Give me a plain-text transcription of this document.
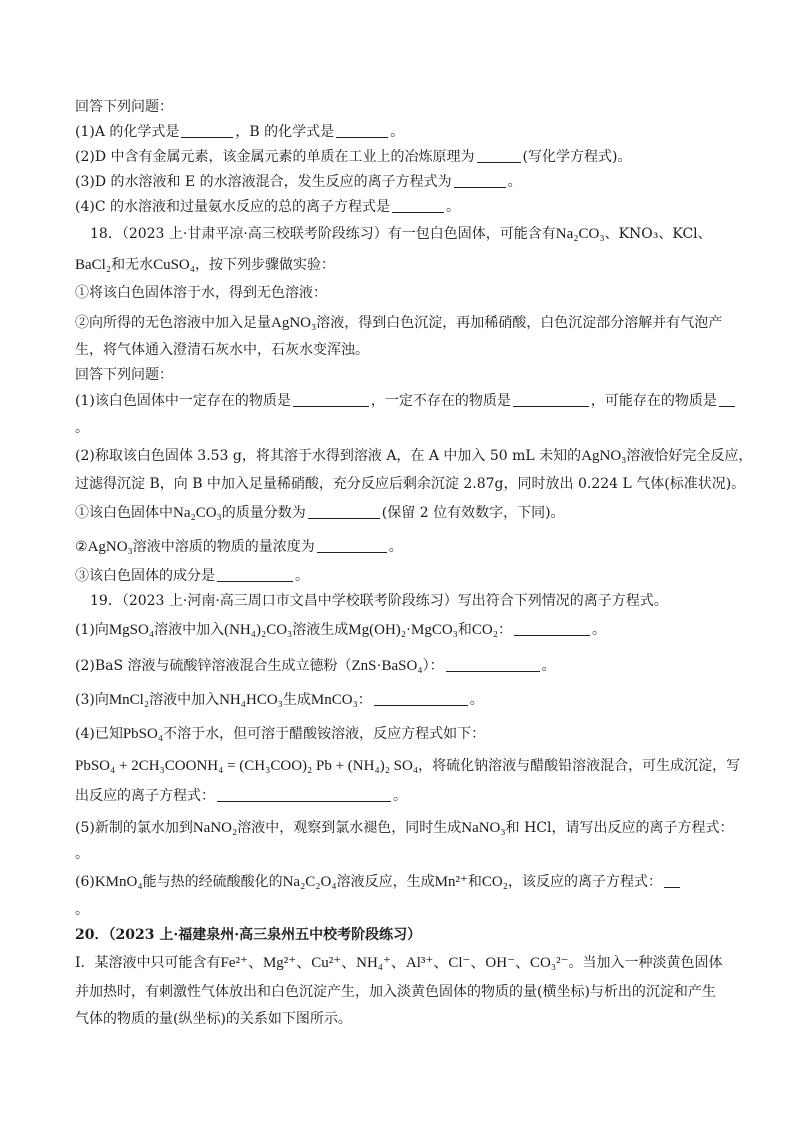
回答下列问题：
(1)A 的化学式是	，B 的化学式是	。
(2)D 中含有金属元素，该金属元素的单质在工业上的冶炼原理为	(写化学方程式)。
(3)D 的水溶液和 E 的水溶液混合，发生反应的离子方程式为	。
(4)C 的水溶液和过量氨水反应的总的离子方程式是	。
18．（2023 上·甘肃平凉·高三校联考阶段练习）有一包白色固体，可能含有Na₂CO₃、KNO₃、KCl、
BaCl₂和无水CuSO₄，按下列步骤做实验：
①将该白色固体溶于水，得到无色溶液：
②向所得的无色溶液中加入足量AgNO₃溶液，得到白色沉淀，再加稀硝酸，白色沉淀部分溶解并有气泡产
生，将气体通入澄清石灰水中，石灰水变浑浊。
回答下列问题：
(1)该白色固体中一定存在的物质是	，一定不存在的物质是	，可能存在的物质是
。
(2)称取该白色固体 3.53 g，将其溶于水得到溶液 A，在 A 中加入 50 mL 未知的AgNO₃溶液恰好完全反应，
过滤得沉淀 B，向 B 中加入足量稀硝酸，充分反应后剩余沉淀 2.87g，同时放出 0.224 L 气体(标准状况)。
①该白色固体中Na₂CO₃的质量分数为	(保留 2 位有效数字，下同)。
②AgNO₃溶液中溶质的物质的量浓度为	。
③该白色固体的成分是	。
19．（2023 上·河南·高三周口市文昌中学校联考阶段练习）写出符合下列情况的离子方程式。
(1)向MgSO₄溶液中加入(NH₄)₂CO₃溶液生成Mg(OH)₂·MgCO₃和CO₂：	。
(2)BaS 溶液与硫酸锌溶液混合生成立德粉（ZnS·BaSO₄）：	。
(3)向MnCl₂溶液中加入NH₄HCO₃生成MnCO₃：	。
(4)已知PbSO₄不溶于水，但可溶于醋酸铵溶液，反应方程式如下：
PbSO₄ + 2CH₃COONH₄ = (CH₃COO)₂ Pb + (NH₄)₂ SO₄，将硫化钠溶液与醋酸铅溶液混合，可生成沉淀，写
出反应的离子方程式：	。
(5)新制的氯水加到NaNO₂溶液中，观察到氯水褪色，同时生成NaNO₃和 HCl，请写出反应的离子方程式：
。
(6)KMnO₄能与热的经硫酸酸化的Na₂C₂O₄溶液反应，生成Mn²⁺和CO₂，该反应的离子方程式：
。
20．（2023 上·福建泉州·高三泉州五中校考阶段练习）
Ⅰ．某溶液中只可能含有Fe²⁺、Mg²⁺、Cu²⁺、NH₄⁺、Al³⁺、Cl⁻、OH⁻、CO₃²⁻。当加入一种淡黄色固体
并加热时，有刺激性气体放出和白色沉淀产生，加入淡黄色固体的物质的量(横坐标)与析出的沉淀和产生
气体的物质的量(纵坐标)的关系如下图所示。
